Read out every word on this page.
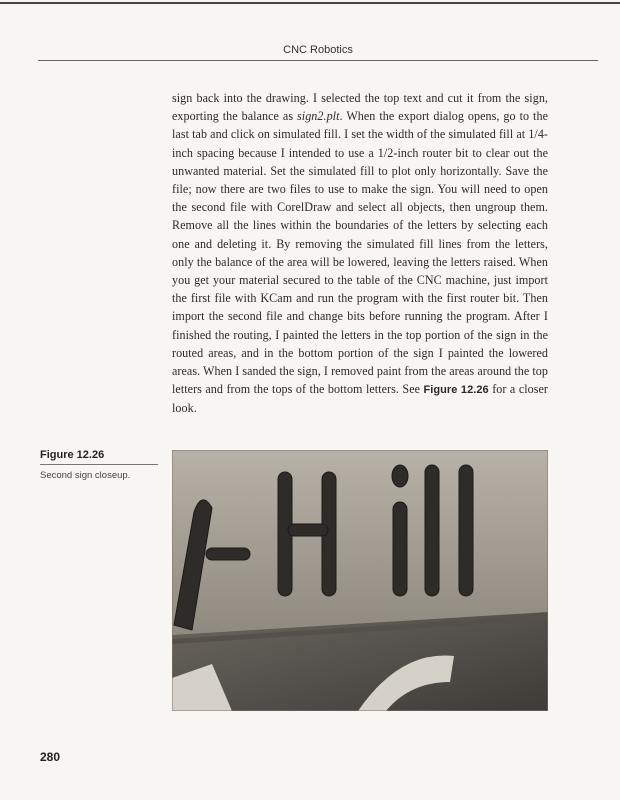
CNC Robotics
sign back into the drawing. I selected the top text and cut it from the sign, exporting the balance as sign2.plt. When the export dialog opens, go to the last tab and click on simulated fill. I set the width of the simulated fill at 1/4-inch spacing because I intended to use a 1/2-inch router bit to clear out the unwanted material. Set the simulated fill to plot only horizontally. Save the file; now there are two files to use to make the sign. You will need to open the second file with CorelDraw and select all objects, then ungroup them. Remove all the lines within the boundaries of the letters by selecting each one and deleting it. By removing the simulated fill lines from the letters, only the balance of the area will be lowered, leaving the letters raised. When you get your material secured to the table of the CNC machine, just import the first file with KCam and run the program with the first router bit. Then import the second file and change bits before running the program. After I finished the routing, I painted the letters in the top portion of the sign in the routed areas, and in the bottom portion of the sign I painted the lowered areas. When I sanded the sign, I removed paint from the areas around the top letters and from the tops of the bottom letters. See Figure 12.26 for a closer look.
Figure 12.26
Second sign closeup.
280
